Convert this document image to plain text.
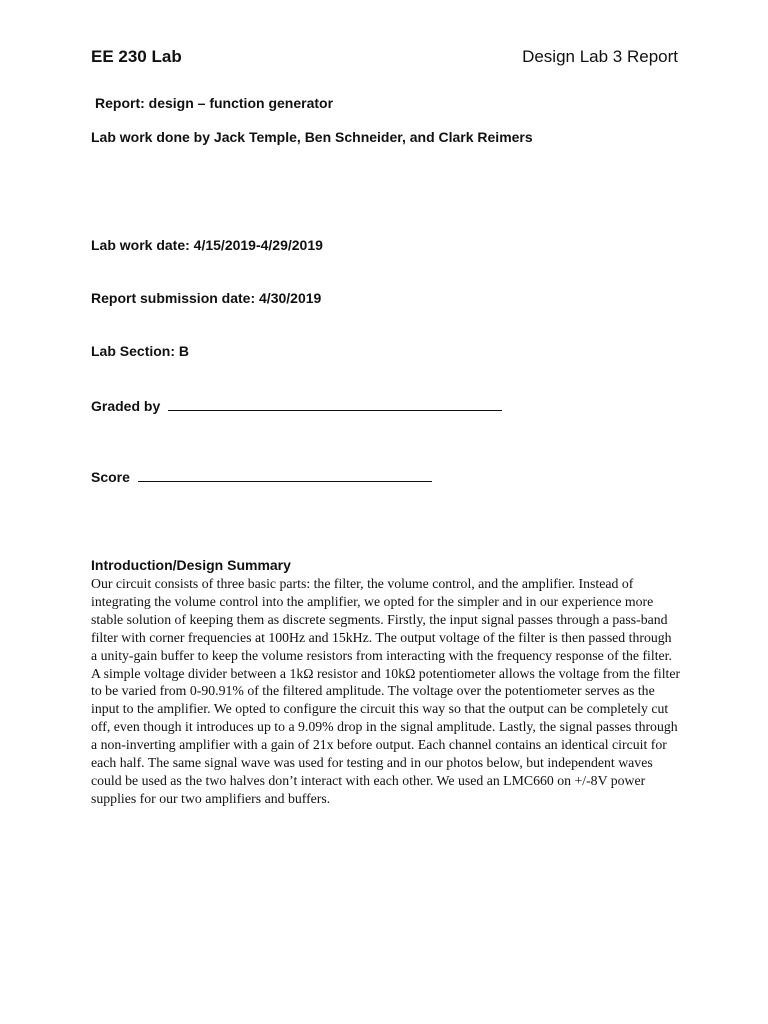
EE 230 Lab	Design Lab 3 Report
Report: design – function generator
Lab work done by Jack Temple, Ben Schneider, and Clark Reimers
Lab work date: 4/15/2019-4/29/2019
Report submission date: 4/30/2019
Lab Section: B
Graded by
Score
Introduction/Design Summary
Our circuit consists of three basic parts: the filter, the volume control, and the amplifier. Instead of integrating the volume control into the amplifier, we opted for the simpler and in our experience more stable solution of keeping them as discrete segments. Firstly, the input signal passes through a pass-band filter with corner frequencies at 100Hz and 15kHz. The output voltage of the filter is then passed through a unity-gain buffer to keep the volume resistors from interacting with the frequency response of the filter. A simple voltage divider between a 1kΩ resistor and 10kΩ potentiometer allows the voltage from the filter to be varied from 0-90.91% of the filtered amplitude. The voltage over the potentiometer serves as the input to the amplifier. We opted to configure the circuit this way so that the output can be completely cut off, even though it introduces up to a 9.09% drop in the signal amplitude. Lastly, the signal passes through a non-inverting amplifier with a gain of 21x before output. Each channel contains an identical circuit for each half. The same signal wave was used for testing and in our photos below, but independent waves could be used as the two halves don’t interact with each other. We used an LMC660 on +/-8V power supplies for our two amplifiers and buffers.
